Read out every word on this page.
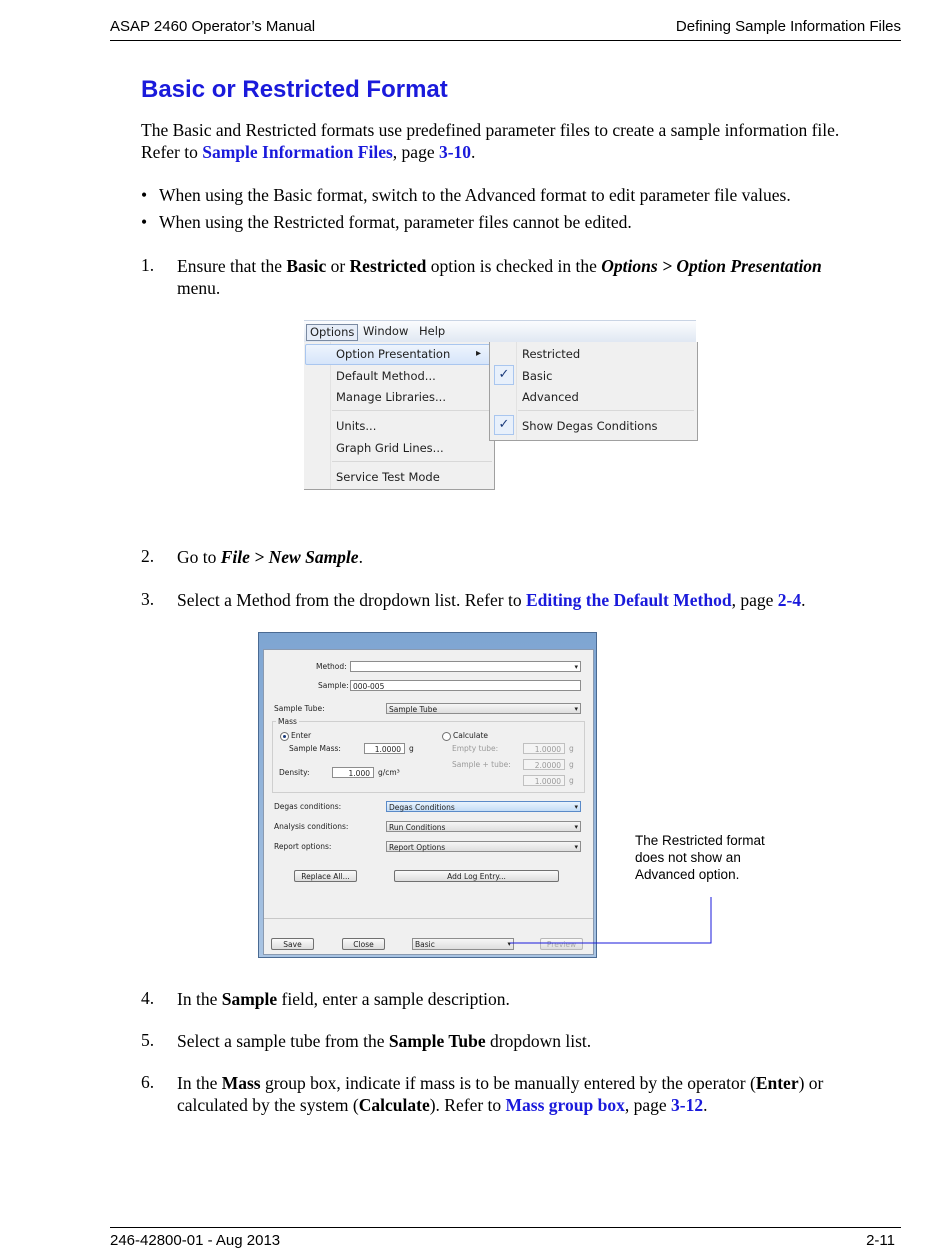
ASAP 2460 Operator’s Manual	Defining Sample Information Files
Basic or Restricted Format
The Basic and Restricted formats use predefined parameter files to create a sample information file.
Refer to Sample Information Files, page 3-10.
• When using the Basic format, switch to the Advanced format to edit parameter file values.
• When using the Restricted format, parameter files cannot be edited.
1. Ensure that the Basic or Restricted option is checked in the Options > Option Presentation
menu.
Options Window Help
Option Presentation	▸
Default Method...
Manage Libraries...
Units...
Graph Grid Lines...
Service Test Mode
Restricted
✓	Basic
Advanced
✓	Show Degas Conditions
2. Go to File > New Sample.
3. Select a Method from the dropdown list. Refer to Editing the Default Method, page 2-4.
Method:	▾
Sample: 000-005
Sample Tube:	Sample Tube	▾
Mass
Enter	Calculate
Sample Mass:	1.0000	g	Empty tube:	1.0000	g
Sample + tube:	2.0000	g
Density:	1.000	g/cm³
1.0000	g
Degas conditions:	Degas Conditions	▾
Analysis conditions:	Run Conditions	▾
Report options:	Report Options	▾
Replace All...	Add Log Entry...
Save	Close	Basic	▾	Preview
The Restricted format does not show an Advanced option.
4. In the Sample field, enter a sample description.
5. Select a sample tube from the Sample Tube dropdown list.
6. In the Mass group box, indicate if mass is to be manually entered by the operator (Enter) or
calculated by the system (Calculate). Refer to Mass group box, page 3-12.
246-42800-01 - Aug 2013	2-11
